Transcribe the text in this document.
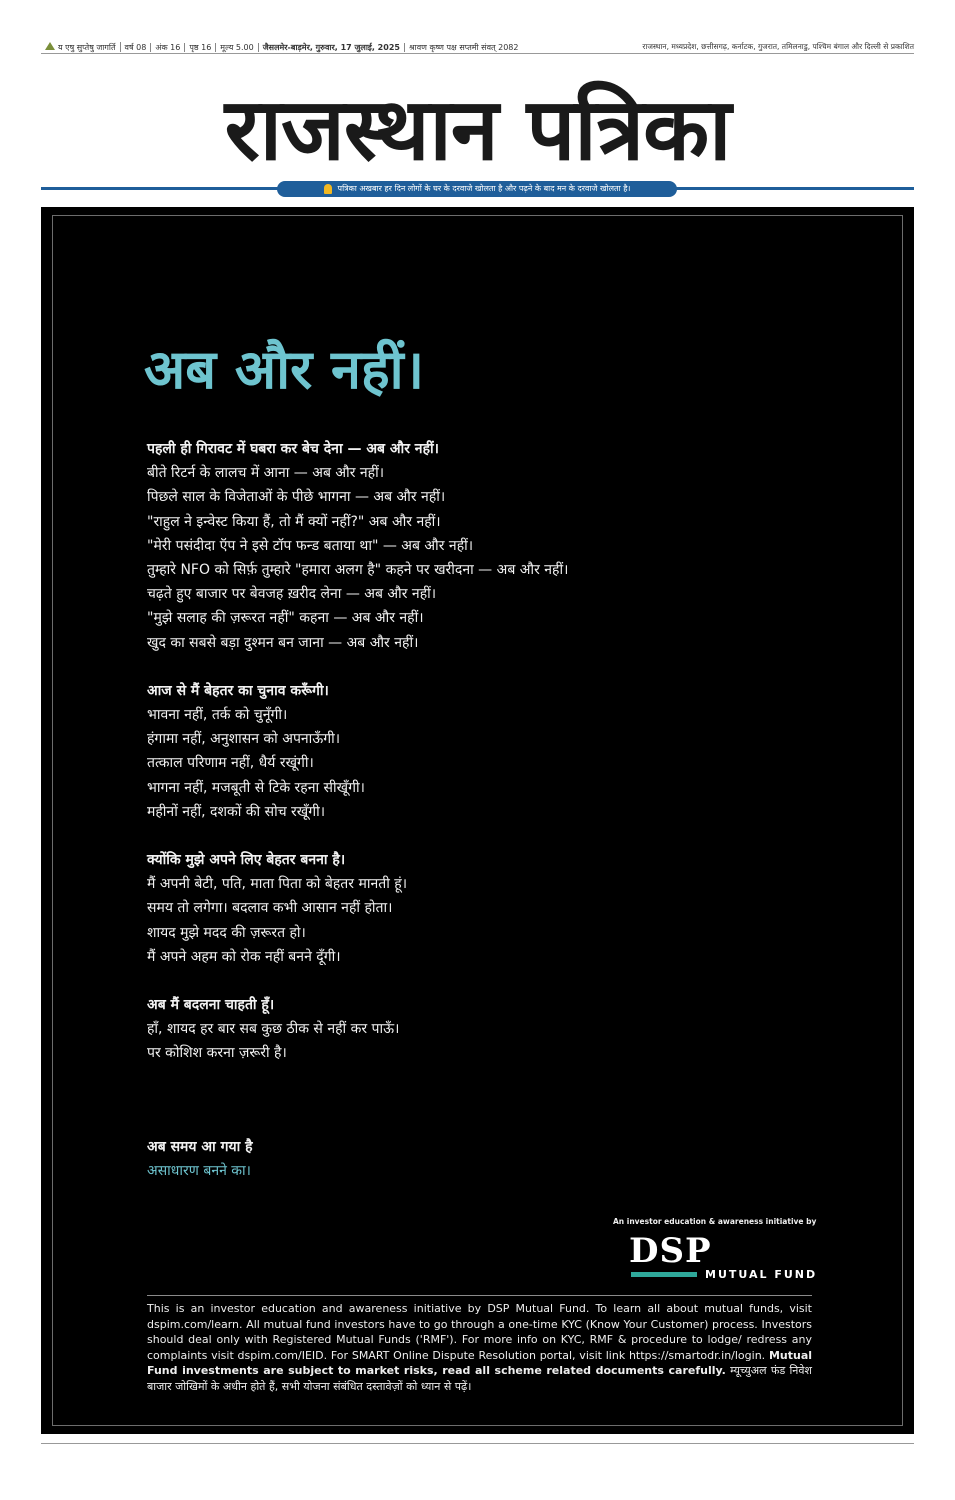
य एषु सुप्तेषु जागर्ति	वर्ष 08	अंक 16	पृष्ठ 16	मूल्य 5.00	जैसलमेर-बाड़मेर, गुरुवार, 17 जुलाई, 2025	श्रावण कृष्ण पक्ष सप्तमी संवत् 2082	राजस्थान, मध्यप्रदेश, छत्तीसगढ़, कर्नाटक, गुजरात, तमिलनाडु, पश्चिम बंगाल और दिल्ली से प्रकाशित
राजस्थान पत्रिका
पत्रिका अखबार हर दिन लोगों के घर के दरवाजे खोलता है और पढ़ने के बाद मन के दरवाजे खोलता है।
अब और नहीं।
पहली ही गिरावट में घबरा कर बेच देना — अब और नहीं।
बीते रिटर्न के लालच में आना — अब और नहीं।
पिछले साल के विजेताओं के पीछे भागना — अब और नहीं।
"राहुल ने इन्वेस्ट किया हैं, तो मैं क्यों नहीं?" अब और नहीं।
"मेरी पसंदीदा ऍप ने इसे टॉप फन्ड बताया था" — अब और नहीं।
तुम्हारे NFO को सिर्फ़ तुम्हारे "हमारा अलग है" कहने पर खरीदना — अब और नहीं।
चढ़ते हुए बाजार पर बेवजह ख़रीद लेना — अब और नहीं।
"मुझे सलाह की ज़रूरत नहीं" कहना — अब और नहीं।
खुद का सबसे बड़ा दुश्मन बन जाना — अब और नहीं।
आज से मैं बेहतर का चुनाव करूँगी।
भावना नहीं, तर्क को चुनूँगी।
हंगामा नहीं, अनुशासन को अपनाऊँगी।
तत्काल परिणाम नहीं, धैर्य रखूंगी।
भागना नहीं, मजबूती से टिके रहना सीखूँगी।
महीनों नहीं, दशकों की सोच रखूँगी।
क्योंकि मुझे अपने लिए बेहतर बनना है।
मैं अपनी बेटी, पति, माता पिता को बेहतर मानती हूं।
समय तो लगेगा। बदलाव कभी आसान नहीं होता।
शायद मुझे मदद की ज़रूरत हो।
मैं अपने अहम को रोक नहीं बनने दूँगी।
अब मैं बदलना चाहती हूँ।
हाँ, शायद हर बार सब कुछ ठीक से नहीं कर पाऊँ।
पर कोशिश करना ज़रूरी है।
अब समय आ गया है
असाधारण बनने का।
An investor education & awareness initiative by
DSP
MUTUAL FUND
This is an investor education and awareness initiative by DSP Mutual Fund. To learn all about mutual funds, visit dspim.com/learn. All mutual fund investors have to go through a one-time KYC (Know Your Customer) process. Investors should deal only with Registered Mutual Funds ('RMF'). For more info on KYC, RMF & procedure to lodge/ redress any complaints visit dspim.com/IEID. For SMART Online Dispute Resolution portal, visit link https://smartodr.in/login. Mutual Fund investments are subject to market risks, read all scheme related documents carefully. म्यूच्युअल फंड निवेश बाजार जोखिमों के अधीन होते हैं, सभी योजना संबंधित दस्तावेज़ों को ध्यान से पढ़ें।
